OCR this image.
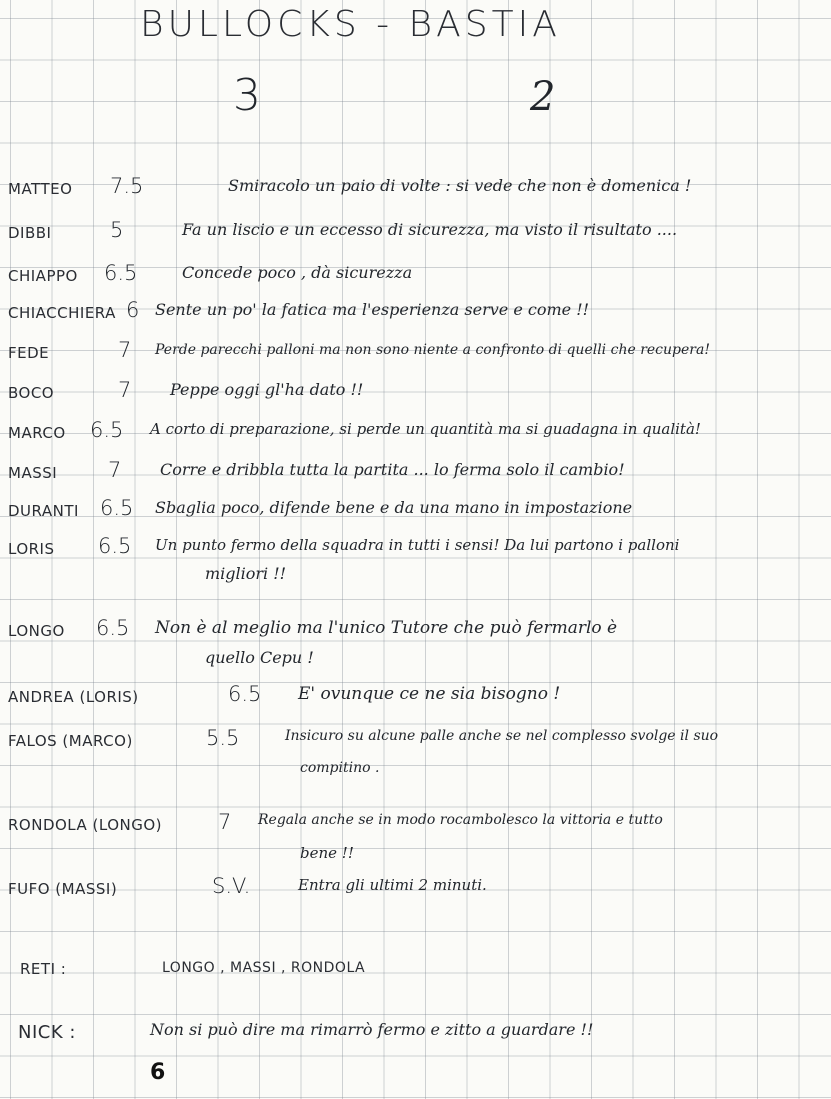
BULLOCKS - BASTIA
3	2
MATTEO 7.5	Smiracolo un paio di volte : si vede che non è domenica !
DIBBI	5	Fa un liscio e un eccesso di sicurezza, ma visto il risultato ....
CHIAPPO 6.5	Concede poco , dà sicurezza
CHIACCHIERA 6 Sente un po' la fatica ma l'esperienza serve e come !!
FEDE	7 Perde parecchi palloni ma non sono niente a confronto di quelli che recupera!
BOCO	7 Peppe oggi gl'ha dato !!
MARCO 6.5 A corto di preparazione, si perde un quantità ma si guadagna in qualità!
MASSI 7 Corre e dribbla tutta la partita ... lo ferma solo il cambio!
DURANTI 6.5 Sbaglia poco, difende bene e da una mano in impostazione
LORIS 6.5 Un punto fermo della squadra in tutti i sensi! Da lui partono i palloni
migliori !!
LONGO 6.5 Non è al meglio ma l'unico Tutore che può fermarlo è
quello Cepu !
ANDREA (LORIS)	6.5 E' ovunque ce ne sia bisogno !
FALOS (MARCO)	5.5	Insicuro su alcune palle anche se nel complesso svolge il suo
compitino .
RONDOLA (LONGO)	7 Regala anche se in modo rocambolesco la vittoria e tutto
bene !!
FUFO (MASSI)	S.V.	Entra gli ultimi 2 minuti.
RETI :	LONGO , MASSI , RONDOLA
NICK :	Non si può dire ma rimarrò fermo e zitto a guardare !!
6
